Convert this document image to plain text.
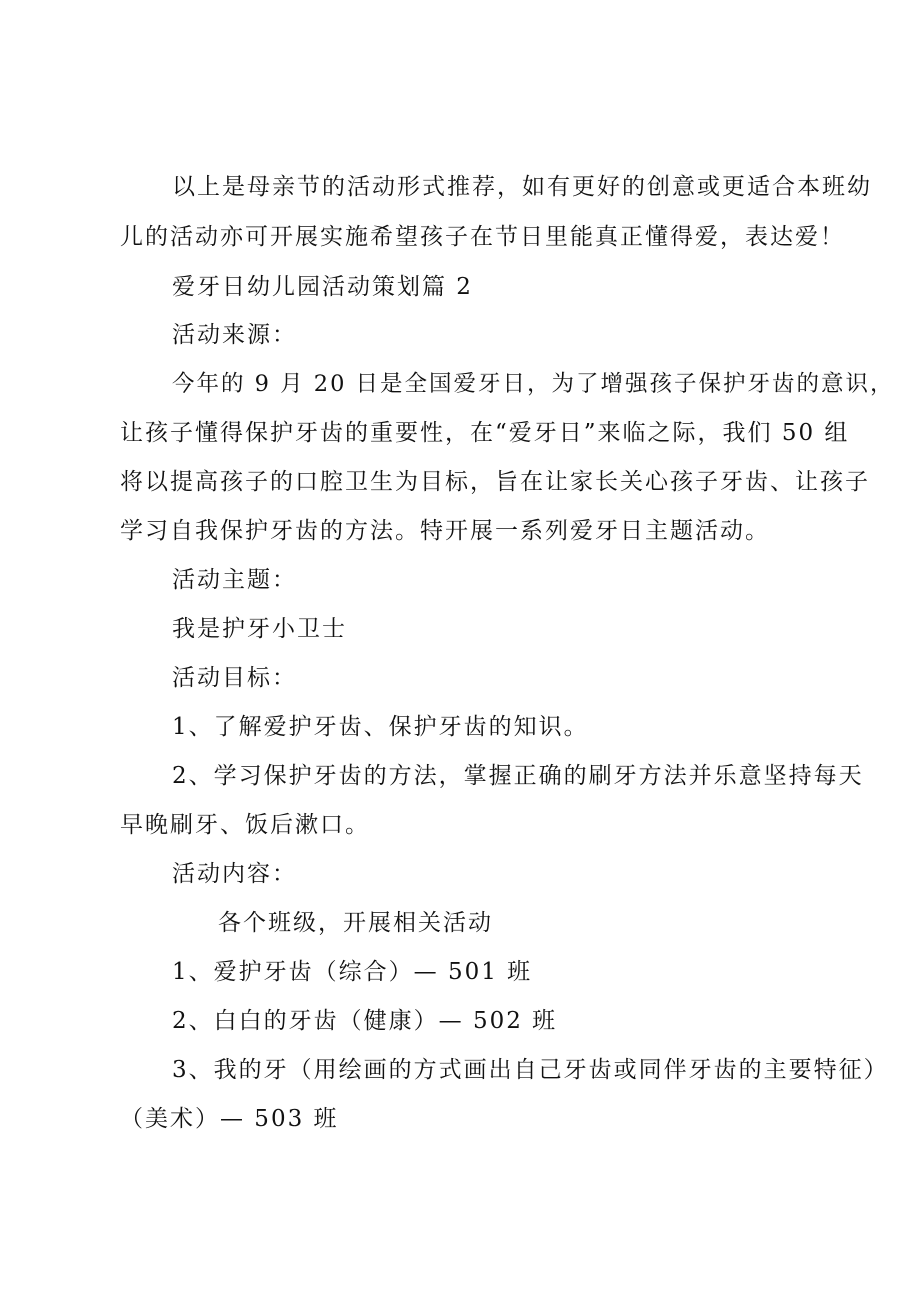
以上是母亲节的活动形式推荐，如有更好的创意或更适合本班幼
儿的活动亦可开展实施希望孩子在节日里能真正懂得爱，表达爱！
爱牙日幼儿园活动策划篇 2
活动来源：
今年的 9 月 20 日是全国爱牙日，为了增强孩子保护牙齿的意识，
让孩子懂得保护牙齿的重要性，在“爱牙日”来临之际，我们 50 组
将以提高孩子的口腔卫生为目标，旨在让家长关心孩子牙齿、让孩子
学习自我保护牙齿的方法。特开展一系列爱牙日主题活动。
活动主题：
我是护牙小卫士
活动目标：
1、了解爱护牙齿、保护牙齿的知识。
2、学习保护牙齿的方法，掌握正确的刷牙方法并乐意坚持每天
早晚刷牙、饭后漱口。
活动内容：
各个班级，开展相关活动
1、爱护牙齿（综合）— 501 班
2、白白的牙齿（健康）— 502 班
3、我的牙（用绘画的方式画出自己牙齿或同伴牙齿的主要特征）
（美术）— 503 班
